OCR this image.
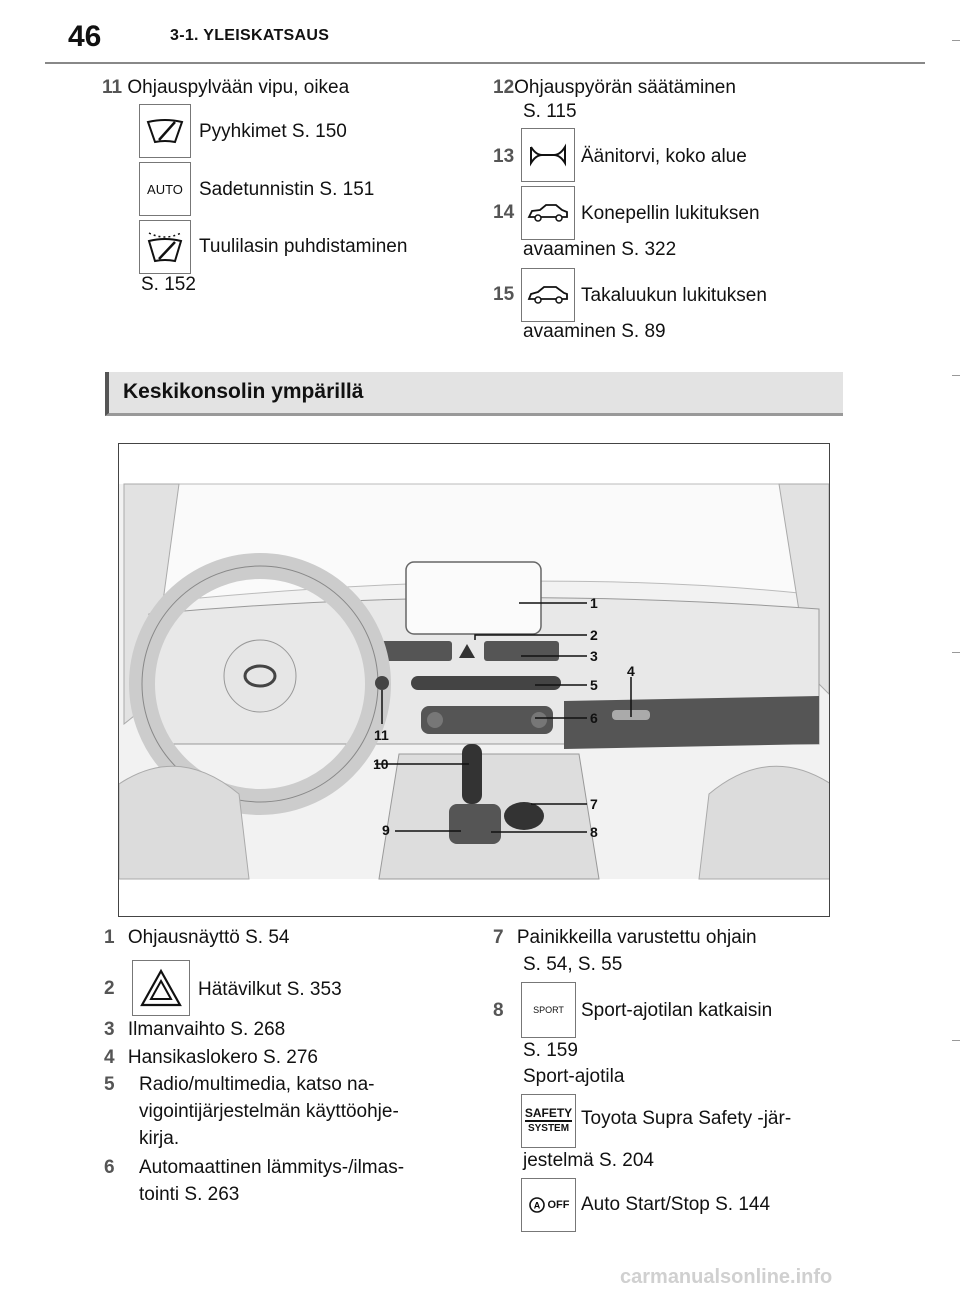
46	3-1. YLEISKATSAUS
11 Ohjauspylvään vipu, oikea
Pyyhkimet S. 150
AUTO Sadetunnistin S. 151
Tuulilasin puhdistaminen
S. 152
12Ohjauspyörän säätäminen
S. 115
13	Äänitorvi, koko alue
14	Konepellin lukituksen
avaaminen S. 322
15	Takaluukun lukituksen
avaaminen S. 89
Keskikonsolin ympärillä
1
2
3
4
5
6
7
8
9
10
11
1 Ohjausnäyttö S. 54
2	Hätävilkut S. 353
3 Ilmanvaihto S. 268
4 Hansikaslokero S. 276
5 Radio/multimedia, katso na-
vigointijärjestelmän käyttöohje-
kirja.
6 Automaattinen lämmitys-/ilmas-
tointi S. 263
7 Painikkeilla varustettu ohjain
S. 54, S. 55
8	SPORT Sport-ajotilan katkaisin
S. 159
Sport-ajotila
SAFETY
SYSTEM Toyota Supra Safety -jär-
jestelmä S. 204
A OFF Auto Start/Stop S. 144
carmanualsonline.info
